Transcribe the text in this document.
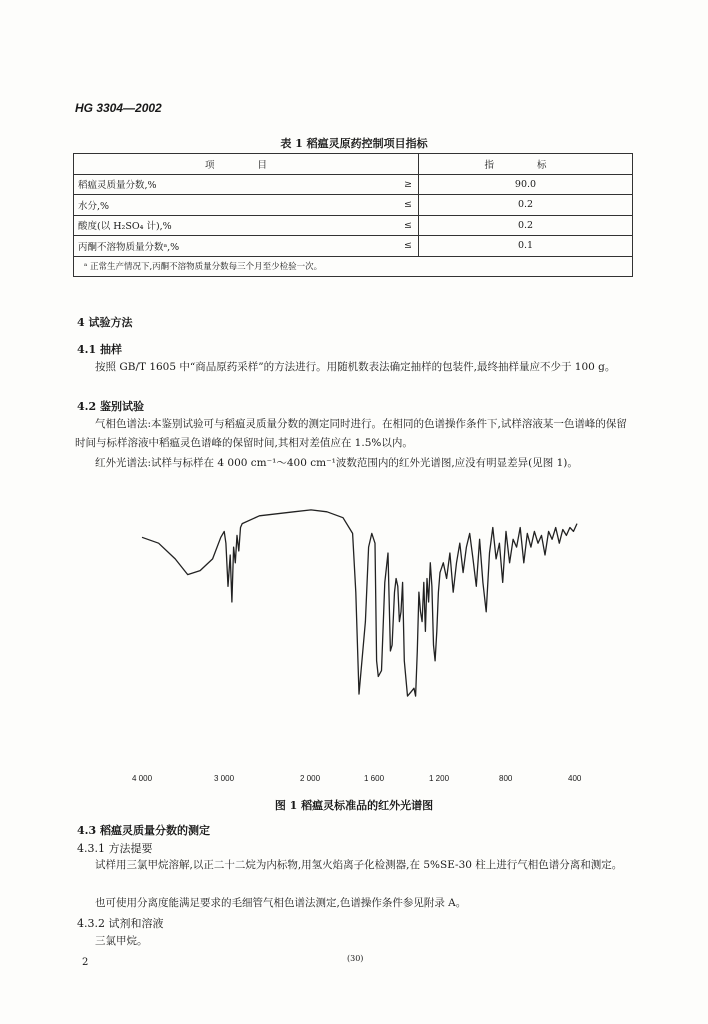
HG 3304—2002
表 1 稻瘟灵原药控制项目指标
项 目		指 标
稻瘟灵质量分数,%	≥	90.0
水分,%	≤	0.2
酸度(以 H₂SO₄ 计),%	≤	0.2
丙酮不溶物质量分数ᵃ,%	≤	0.1
ᵃ 正常生产情况下,丙酮不溶物质量分数每三个月至少检验一次。		
4 试验方法
4.1 抽样
按照 GB/T 1605 中“商品原药采样”的方法进行。用随机数表法确定抽样的包装件,最终抽样量应不少于 100 g。
4.2 鉴别试验
气相色谱法:本鉴别试验可与稻瘟灵质量分数的测定同时进行。在相同的色谱操作条件下,试样溶液某一色谱峰的保留时间与标样溶液中稻瘟灵色谱峰的保留时间,其相对差值应在 1.5%以内。
红外光谱法:试样与标样在 4 000 cm⁻¹～400 cm⁻¹波数范围内的红外光谱图,应没有明显差异(见图 1)。
4 000	3 000	2 000	1 600	1 200	800	400
图 1 稻瘟灵标准品的红外光谱图
4.3 稻瘟灵质量分数的测定
4.3.1 方法提要
试样用三氯甲烷溶解,以正二十二烷为内标物,用氢火焰离子化检测器,在 5%SE-30 柱上进行气相色谱分离和测定。
也可使用分离度能满足要求的毛细管气相色谱法测定,色谱操作条件参见附录 A。
4.3.2 试剂和溶液
三氯甲烷。
2	(30)
